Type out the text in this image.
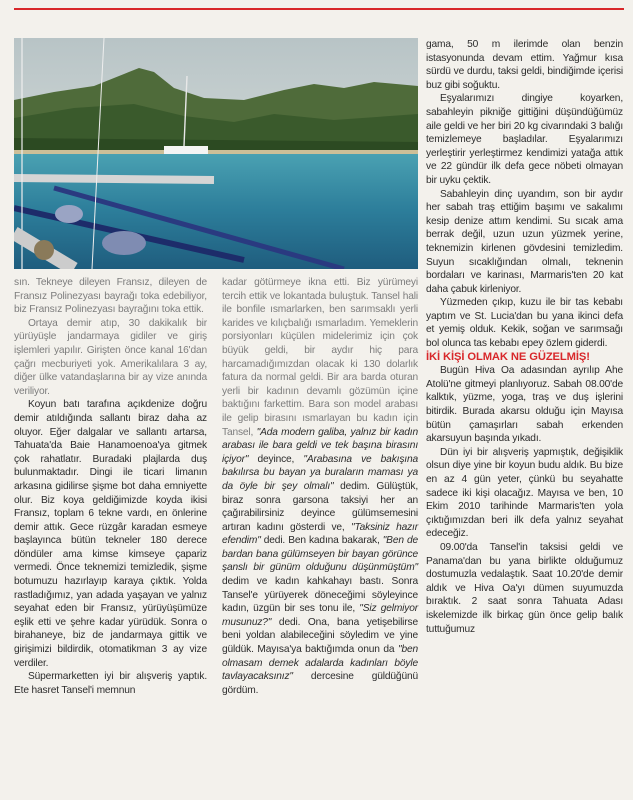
sın. Tekneye dileyen Fransız, dileyen de Fransız Polinezyası bayrağı toka edebiliyor, biz Fransız Polinezyası bayrağını toka ettik.

Ortaya demir atıp, 30 dakikalık bir yürüyüşle jandarmaya gidiler ve giriş işlemleri yapılır. Girişten önce kanal 16'dan çağrı mecburiyeti yok. Amerikalılara 3 ay, diğer ülke vatandaşlarına bir ay vize anında veriliyor.

Koyun batı tarafına açıkdenize doğru demir atıldığında sallantı biraz daha az oluyor. Eğer dalgalar ve sallantı artarsa, Tahuata'da Baie Hanamoenoa'ya gitmek çok rahatlatır. Buradaki plajlarda duş bulunmaktadır. Dingi ile ticari limanın arkasına gidilirse şişme bot daha emniyette olur. Biz koya geldiğimizde koyda ikisi Fransız, toplam 6 tekne vardı, en önlerine demir attık. Gece rüzgâr karadan esmeye başlayınca bütün tekneler 180 derece döndüler ama kimse kimseye çapariz vermedi. Önce teknemizi temizledik, şişme botumuzu hazırlayıp karaya çıktık. Yolda rastladığımız, yan adada yaşayan ve yalnız seyahat eden bir Fransız, yürüyüşümüze eşlik etti ve şehre kadar yürüdük. Sonra o birahaneye, biz de jandarmaya gittik ve girişimizi bildirdik, otomatikman 3 ay vize verdiler.

Süpermarketten iyi bir alışveriş yaptık. Ete hasret Tansel'i memnun

kadar götürmeye ikna etti. Biz yürümeyi tercih ettik ve lokantada buluştuk. Tansel hali ile bonfile ısmarlarken, ben sarımsaklı yerli karides ve kılıçbalığı ısmarladım. Yemeklerin porsiyonları küçülen midelerimiz için çok büyük geldi, bir aydır hiç para harcamadığımızdan olacak ki 130 dolarlık fatura da normal geldi. Bir ara barda oturan yerli bir kadının devamlı gözümün içine baktığını farkettim. Bara son model arabası ile gelip birasını ısmarlayan bu kadın için Tansel, "Ada modern galiba, yalnız bir kadın arabası ile bara geldi ve tek başına birasını içiyor" deyince, "Arabasına ve bakışına bakılırsa bu bayan ya buraların maması ya da öyle bir şey olmalı" dedim. Gülüştük, biraz sonra garsona taksiyi her an çağırabilirsiniz deyince gülümsemesini artıran kadını gösterdi ve, "Taksiniz hazır efendim" dedi. Ben kadına bakarak, "Ben de bardan bana gülümseyen bir bayan görünce şanslı bir günüm olduğunu düşünmüştüm" dedim ve kadın kahkahayı bastı. Sonra Tansel'e yürüyerek döneceğimi söyleyince kadın, üzgün bir ses tonu ile, "Siz gelmiyor musunuz?" dedi. Ona, bana yetişebilirse beni yoldan alabileceğini söyledim ve yine güldük. Mayısa'ya baktığımda onun da "ben olmasam demek adalarda kadınları böyle tavlayacaksınız" dercesine güldüğünü gördüm.

gama, 50 m ilerimde olan benzin istasyonunda devam ettim. Yağmur kısa sürdü ve durdu, taksi geldi, bindiğimde içerisi buz gibi soğuktu.

Eşyalarımızı dingiye koyarken, sabahleyin pikniğe gittiğini düşündüğümüz aile geldi ve her biri 20 kg civarındaki 3 balığı temizlemeye başladılar. Eşyalarımızı yerleştirir yerleştirmez kendimizi yatağa attık ve 22 gündür ilk defa gece nöbeti olmayan bir uyku çektik.

Sabahleyin dinç uyandım, son bir aydır her sabah traş ettiğim başımı ve sakalımı kesip denize attım kendimi. Su sıcak ama berrak değil, uzun uzun yüzmek yerine, teknemizin kirlenen gövdesini temizledim. Suyun sıcaklığından olmalı, teknenin bordaları ve karinası, Marmaris'ten 20 kat daha çabuk kirleniyor.

Yüzmeden çıkıp, kuzu ile bir tas kebabı yaptım ve St. Lucia'dan bu yana ikinci defa et yemiş olduk. Kekik, soğan ve sarımsağı bol olunca tas kebabı epey özlem giderdi.

İKİ KİŞİ OLMAK NE GÜZELMİŞ!

Bugün Hiva Oa adasından ayrılıp Ahe Atolü'ne gitmeyi planlıyoruz. Sabah 08.00'de kalktık, yüzme, yoga, traş ve duş işlerini bitirdik. Burada akarsu olduğu için Mayısa bütün çamaşırları sabah erkenden akarsuyun başında yıkadı.

Dün iyi bir alışveriş yapmıştık, değişiklik olsun diye yine bir koyun budu aldık. Bu bize en az 4 gün yeter, çünkü bu seyahatte sadece iki kişi olacağız. Mayısa ve ben, 10 Ekim 2010 tarihinde Marmaris'ten yola çıktığımızdan beri ilk defa yalnız seyahat edeceğiz.

09.00'da Tansel'in taksisi geldi ve Panama'dan bu yana birlikte olduğumuz dostumuzla vedalaştık. Saat 10.20'de demir aldık ve Hiva Oa'yı dümen suyumuzda bıraktık. 2 saat sonra Tahuata Adası iskelemizde ilk birkaç gün önce gelip balık tuttuğumuz
